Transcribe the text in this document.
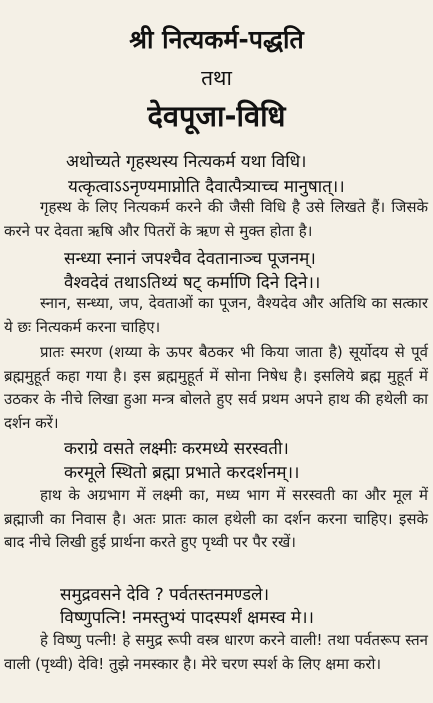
श्री नित्यकर्म-पद्धति
तथा
देवपूजा-विधि
अथोच्यते गृहस्थस्य नित्यकर्म यथा विधि।
यत्कृत्वाऽऽनृण्यमाप्नोति दैवात्पैत्र्याच्च मानुषात्।।
गृहस्थ के लिए नित्यकर्म करने की जैसी विधि है उसे लिखते हैं। जिसके करने पर देवता ऋषि और पितरों के ऋण से मुक्त होता है।
सन्ध्या स्नानं जपश्चैव देवतानाञ्च पूजनम्।
वैश्वदेवं तथाऽतिथ्यं षट् कर्माणि दिने दिने।।
स्नान, सन्ध्या, जप, देवताओं का पूजन, वैश्यदेव और अतिथि का सत्कार ये छः नित्यकर्म करना चाहिए।
प्रातः स्मरण (शय्या के ऊपर बैठकर भी किया जाता है) सूर्योदय से पूर्व ब्रह्ममुहूर्त कहा गया है। इस ब्रह्ममुहूर्त में सोना निषेध है। इसलिये ब्रह्म मुहूर्त में उठकर के नीचे लिखा हुआ मन्त्र बोलते हुए सर्व प्रथम अपने हाथ की हथेली का दर्शन करें।
कराग्रे वसते लक्ष्मीः करमध्ये सरस्वती।
करमूले स्थितो ब्रह्मा प्रभाते करदर्शनम्।।
हाथ के अग्रभाग में लक्ष्मी का, मध्य भाग में सरस्वती का और मूल में ब्रह्माजी का निवास है। अतः प्रातः काल हथेली का दर्शन करना चाहिए। इसके बाद नीचे लिखी हुई प्रार्थना करते हुए पृथ्वी पर पैर रखें।
समुद्रवसने देवि ? पर्वतस्तनमण्डले।
विष्णुपत्नि! नमस्तुभ्यं पादस्पर्शं क्षमस्व मे।।
हे विष्णु पत्नी! हे समुद्र रूपी वस्त्र धारण करने वाली! तथा पर्वतरूप स्तन वाली (पृथ्वी) देवि! तुझे नमस्कार है। मेरे चरण स्पर्श के लिए क्षमा करो।
